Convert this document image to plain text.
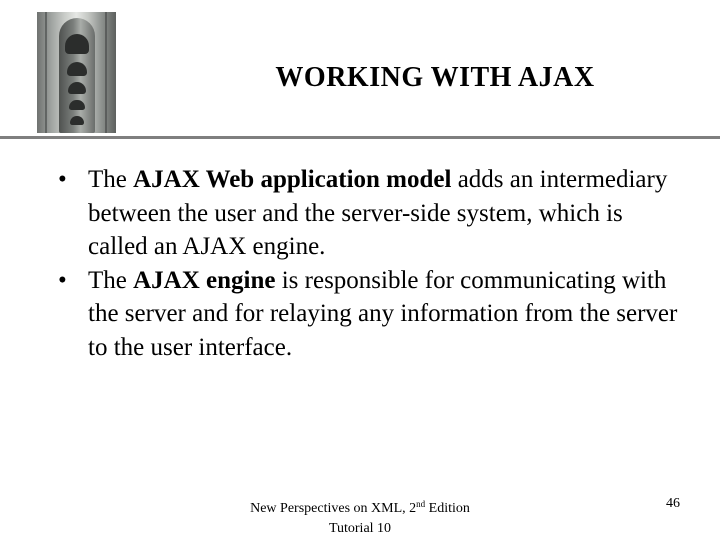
WORKING WITH AJAX
• The AJAX Web application model adds an intermediary between the user and the server-side system, which is called an AJAX engine.
• The AJAX engine is responsible for communicating with the server and for relaying any information from the server to the user interface.
New Perspectives on XML, 2nd Edition
Tutorial 10
46
